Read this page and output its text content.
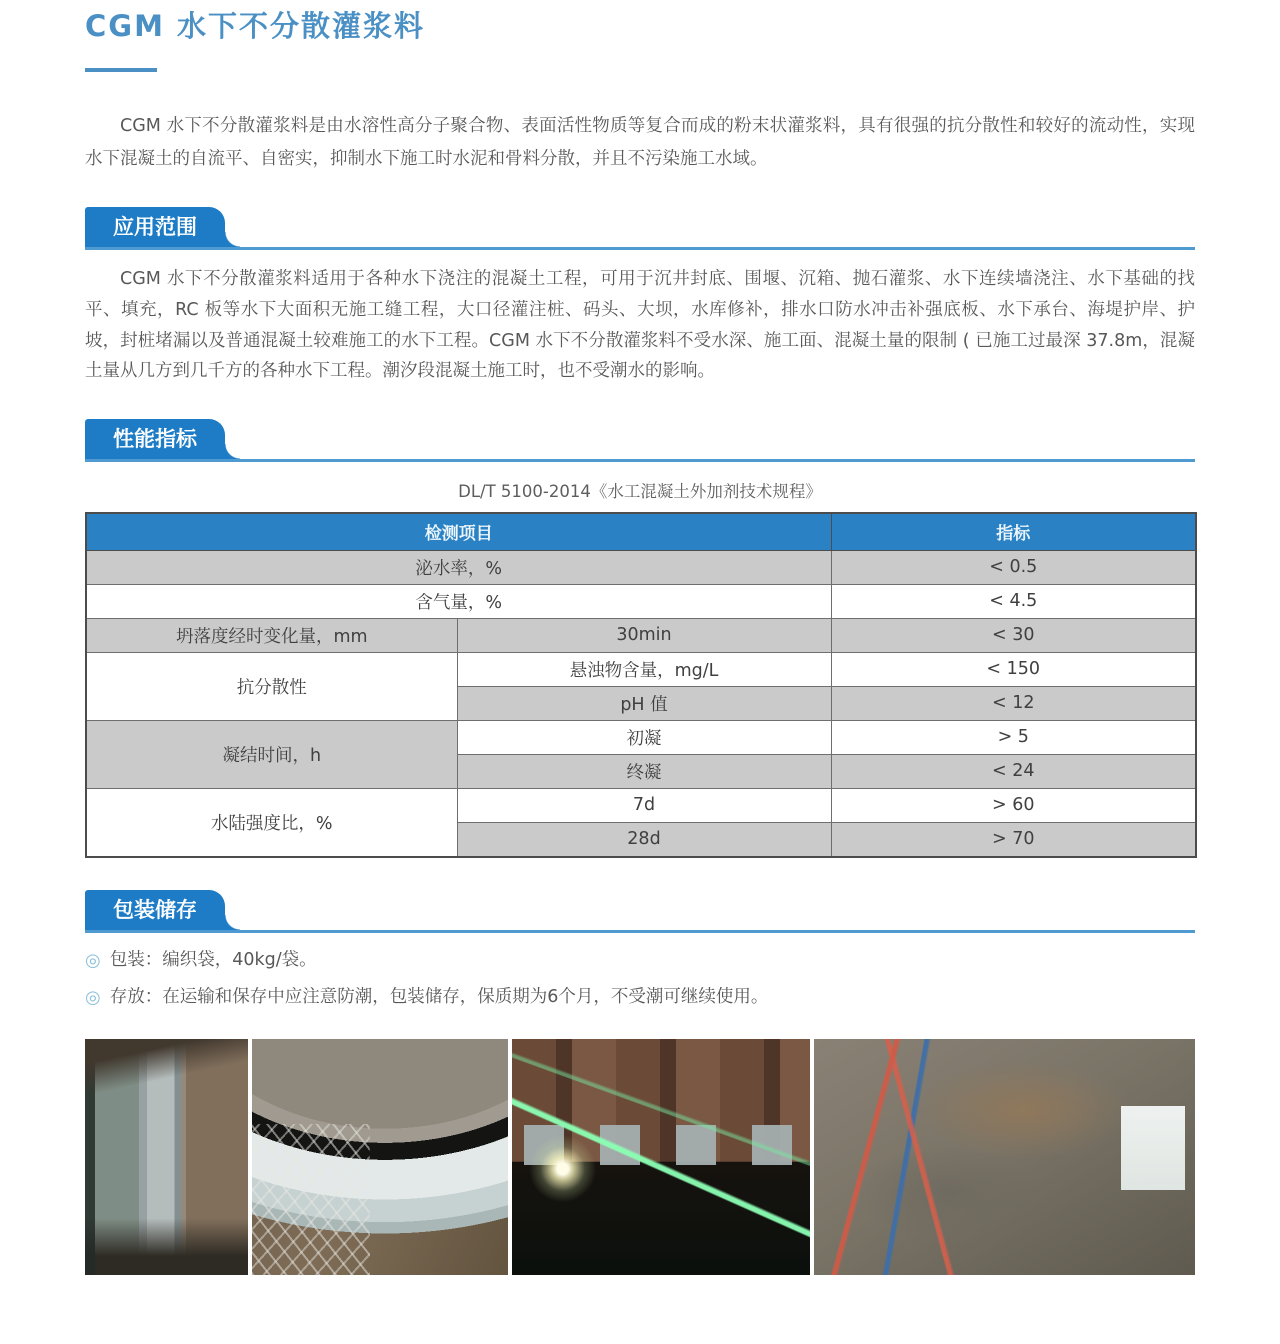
CGM 水下不分散灌浆料

CGM 水下不分散灌浆料是由水溶性高分子聚合物、表面活性物质等复合而成的粉末状灌浆料，具有很强的抗分散性和较好的流动性，实现水下混凝土的自流平、自密实，抑制水下施工时水泥和骨料分散，并且不污染施工水域。

应用范围

CGM 水下不分散灌浆料适用于各种水下浇注的混凝土工程，可用于沉井封底、围堰、沉箱、抛石灌浆、水下连续墙浇注、水下基础的找平、填充，RC 板等水下大面积无施工缝工程，大口径灌注桩、码头、大坝，水库修补，排水口防水冲击补强底板、水下承台、海堤护岸、护坡，封桩堵漏以及普通混凝土较难施工的水下工程。CGM 水下不分散灌浆料不受水深、施工面、混凝土量的限制 ( 已施工过最深 37.8m，混凝土量从几方到几千方的各种水下工程。潮汐段混凝土施工时，也不受潮水的影响。

性能指标

DL/T 5100-2014《水工混凝土外加剂技术规程》

检测项目		指标
泌水率，%		< 0.5
含气量，%		< 4.5
坍落度经时变化量，mm	30min	< 30
抗分散性	悬浊物含量，mg/L	< 150
	pH 值	< 12
凝结时间，h	初凝	> 5
	终凝	< 24
水陆强度比，%	7d	> 60
	28d	> 70
包装储存
◎ 包装：编织袋，40kg/袋。
◎ 存放：在运输和保存中应注意防潮，包装储存，保质期为6个月，不受潮可继续使用。
